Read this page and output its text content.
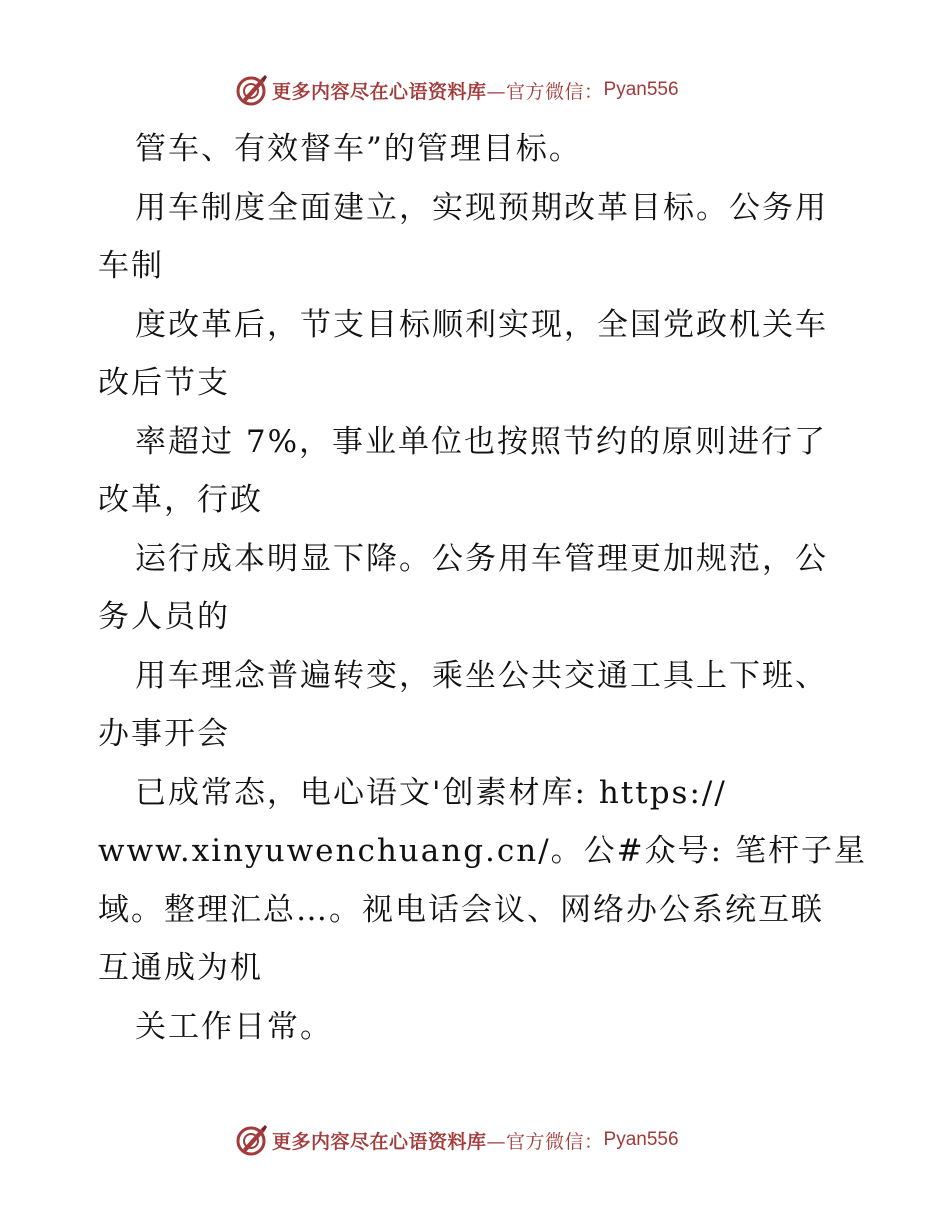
更多内容尽在心语资料库 —官方微信： Pyan556
管车、有效督车”的管理目标。
用车制度全面建立，实现预期改革目标。公务用
车制
度改革后，节支目标顺利实现，全国党政机关车
改后节支
率超过 7%，事业单位也按照节约的原则进行了
改革，行政
运行成本明显下降。公务用车管理更加规范，公
务人员的
用车理念普遍转变，乘坐公共交通工具上下班、
办事开会
已成常态，电心语文'创素材库: https://
www.xinyuwenchuang.cn/。公#众号: 笔杆子星
域。整理汇总…。视电话会议、网络办公系统互联
互通成为机
关工作日常。
更多内容尽在心语资料库 —官方微信： Pyan556
